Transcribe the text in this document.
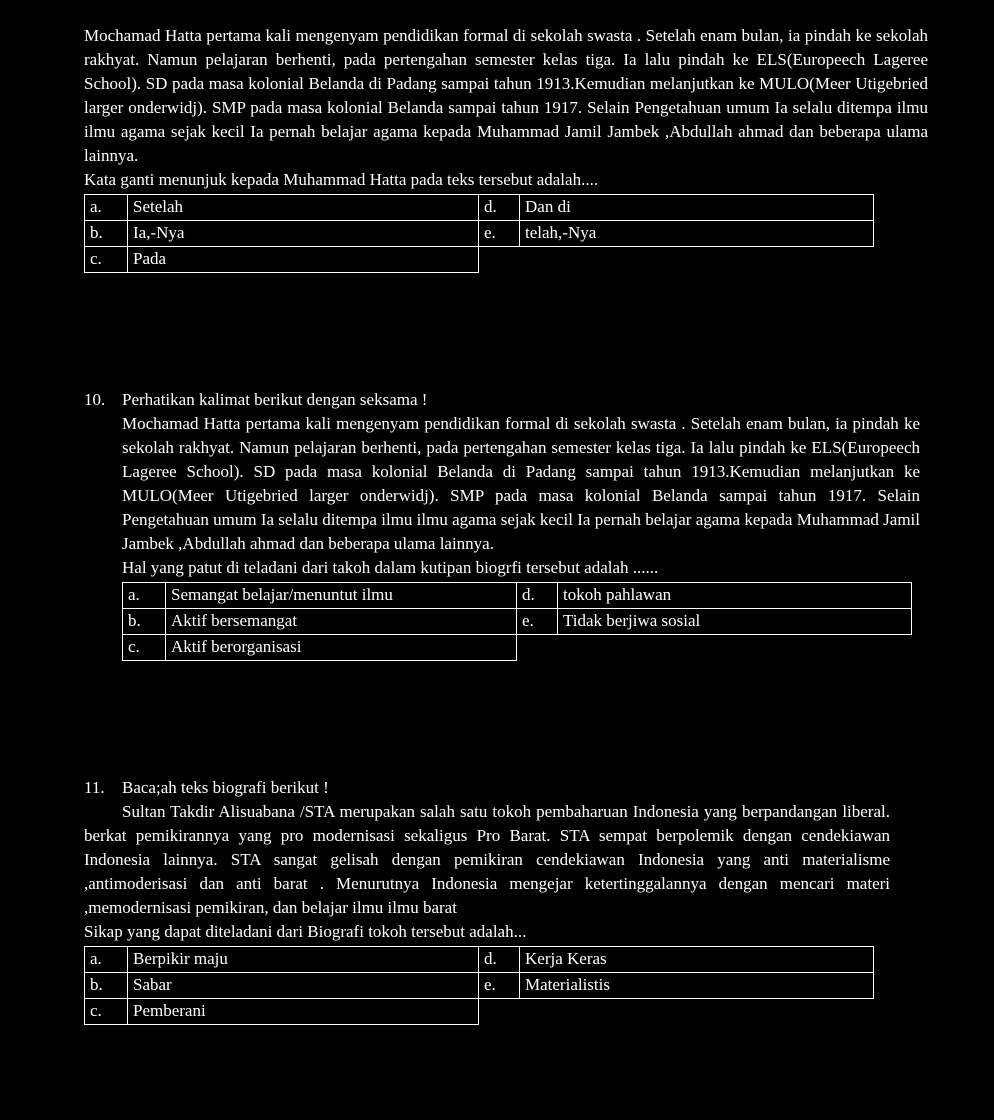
Mochamad Hatta pertama kali mengenyam pendidikan formal di sekolah swasta . Setelah enam bulan, ia pindah ke sekolah rakhyat. Namun pelajaran berhenti, pada pertengahan semester kelas tiga. Ia lalu pindah ke ELS(Europeech Lageree School). SD pada masa kolonial Belanda di Padang sampai tahun 1913.Kemudian melanjutkan ke MULO(Meer Utigebried larger onderwidj). SMP pada masa kolonial Belanda sampai tahun 1917. Selain Pengetahuan umum Ia selalu ditempa ilmu ilmu agama sejak kecil Ia pernah belajar agama kepada Muhammad Jamil Jambek ,Abdullah ahmad dan beberapa ulama lainnya.

Kata ganti menunjuk kepada Muhammad Hatta pada teks tersebut adalah....

a.	Setelah	d.	Dan di
b.	Ia,-Nya	e.	telah,-Nya
c.	Pada		
10. Perhatikan kalimat berikut dengan seksama !

Mochamad Hatta pertama kali mengenyam pendidikan formal di sekolah swasta . Setelah enam bulan, ia pindah ke sekolah rakhyat. Namun pelajaran berhenti, pada pertengahan semester kelas tiga. Ia lalu pindah ke ELS(Europeech Lageree School). SD pada masa kolonial Belanda di Padang sampai tahun 1913.Kemudian melanjutkan ke MULO(Meer Utigebried larger onderwidj). SMP pada masa kolonial Belanda sampai tahun 1917. Selain Pengetahuan umum Ia selalu ditempa ilmu ilmu agama sejak kecil Ia pernah belajar agama kepada Muhammad Jamil Jambek ,Abdullah ahmad dan beberapa ulama lainnya.

Hal yang patut di teladani dari takoh dalam kutipan biogrfi tersebut adalah ......

a.	Semangat belajar/menuntut ilmu	d.	tokoh pahlawan
b.	Aktif bersemangat	e.	Tidak berjiwa sosial
c.	Aktif berorganisasi		
11.	Baca;ah teks biografi berikut !

Sultan Takdir Alisuabana /STA merupakan salah satu tokoh pembaharuan Indonesia yang berpandangan liberal. berkat pemikirannya yang pro modernisasi sekaligus Pro Barat. STA sempat berpolemik dengan cendekiawan Indonesia lainnya. STA sangat gelisah dengan pemikiran cendekiawan Indonesia yang anti materialisme ,antimoderisasi dan anti barat . Menurutnya Indonesia mengejar ketertinggalannya dengan mencari materi ,memodernisasi pemikiran, dan belajar ilmu ilmu barat

Sikap yang dapat diteladani dari Biografi tokoh tersebut adalah...

a.	Berpikir maju	d.	Kerja Keras
b.	Sabar	e.	Materialistis
c.	Pemberani		
